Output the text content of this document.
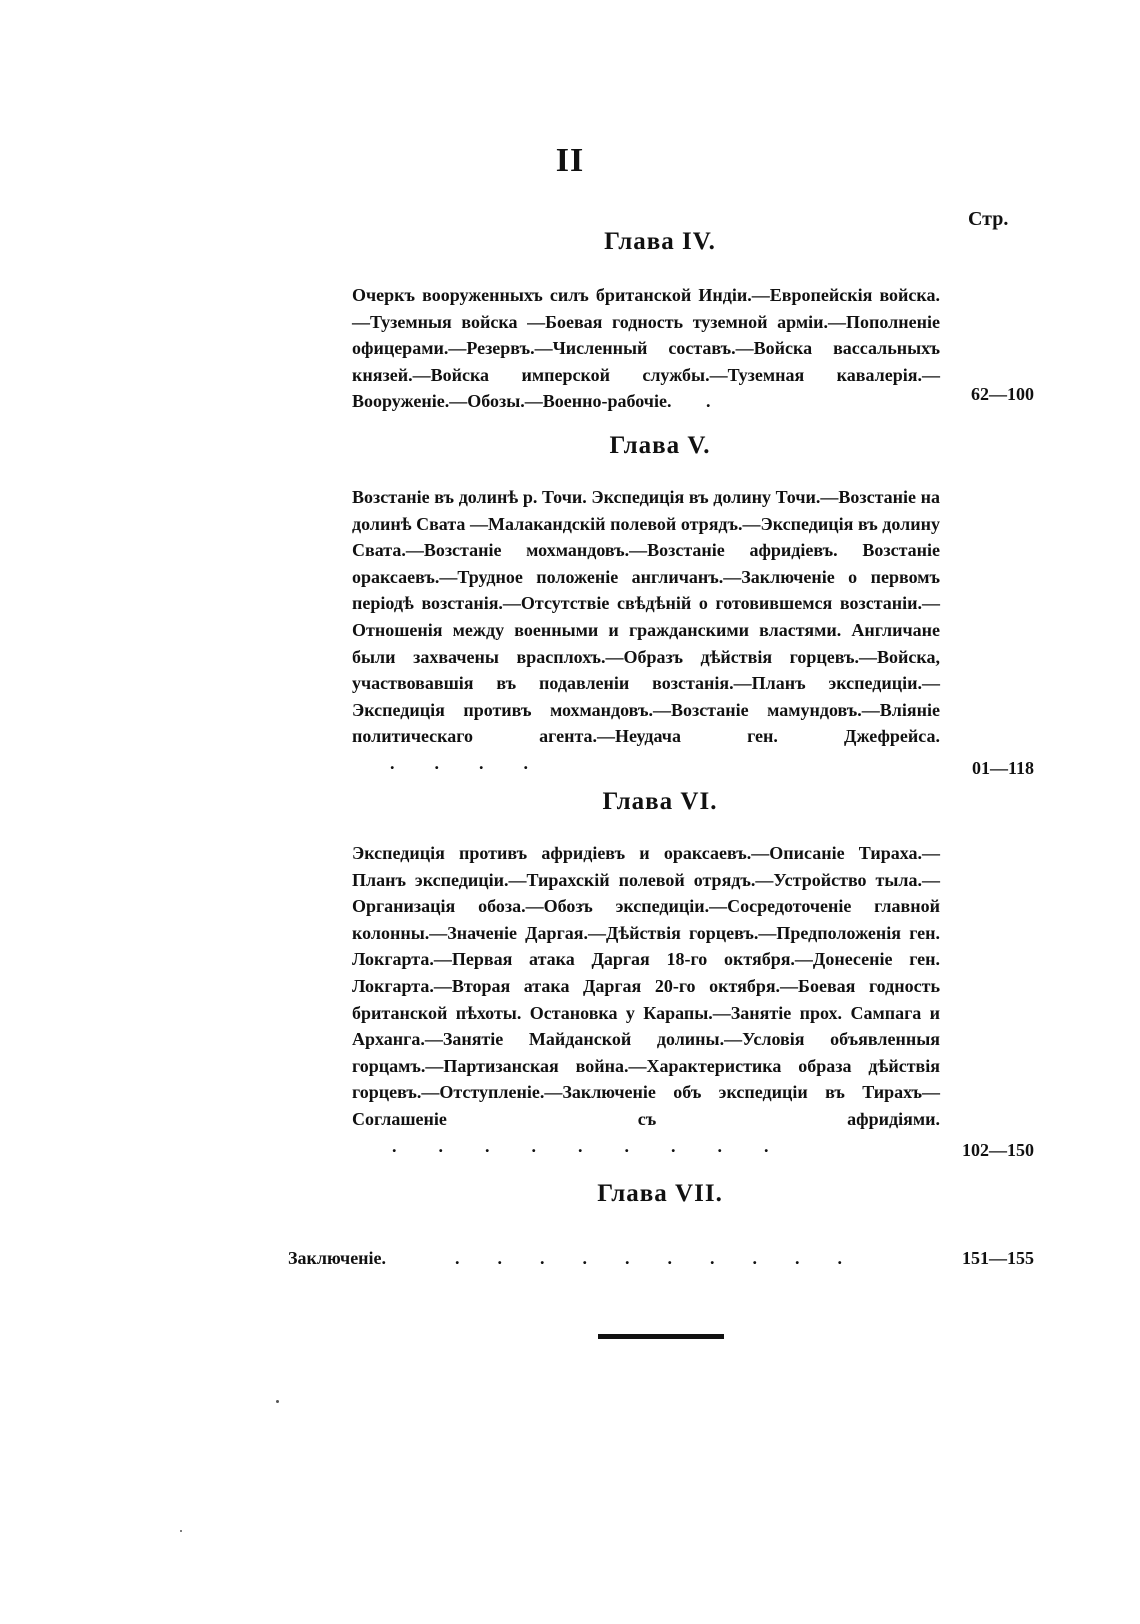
II
Стр.
Глава IV.
Очеркъ вооруженныхъ силъ британской Индіи.—Европейскія войска.—Туземныя войска —Боевая годность туземной арміи.—Пополненіе офицерами.—Резервъ.—Численный составъ.—Войска вассальныхъ князей.—Войска имперской службы.—Туземная кавалерія.—Вооруженіе.—Обозы.—Военно-рабочіе. .	62—100
Глава V.
Возстаніе въ долинѣ р. Точи. Экспедиція въ долину Точи.—Возстаніе на долинѣ Свата —Малакандскій полевой отрядъ.—Экспедиція въ долину Свата.—Возстаніе мохмандовъ.—Возстаніе афридіевъ. Возстаніе ораксаевъ.—Трудное положеніе англичанъ.—Заключеніе о первомъ періодѣ возстанія.—Отсутствіе свѣдѣній о готовившемся возстаніи.—Отношенія между военными и гражданскими властями. Англичане были захвачены врасплохъ.—Образъ дѣйствія горцевъ.—Войска, участвовавшія въ подавленіи возстанія.—Планъ экспедиціи.—Экспедиція противъ мохмандовъ.—Возстаніе мамундовъ.—Вліяніе политическаго агента.—Неудача ген. Джефрейса. ....	01—118
Глава VI.
Экспедиція противъ афридіевъ и ораксаевъ.—Описаніе Тираха.—Планъ экспедиціи.—Тирахскій полевой отрядъ.—Устройство тыла.—Организація обоза.—Обозъ экспедиціи.—Сосредоточеніе главной колонны.—Значеніе Даргая.—Дѣйствія горцевъ.—Предположенія ген. Локгарта.—Первая атака Даргая 18-го октября.—Донесеніе ген. Локгарта.—Вторая атака Даргая 20-го октября.—Боевая годность британской пѣхоты. Остановка у Карапы.—Занятіе прох. Сампага и Арханга.—Занятіе Майданской долины.—Условія объявленныя горцамъ.—Партизанская война.—Характеристика образа дѣйствія горцевъ.—Отступленіе.—Заключеніе объ экспедиціи въ Тирахъ—Соглашеніе съ афридіями. .........	102—150
Глава VII.
Заключеніе.	..........	151—155
